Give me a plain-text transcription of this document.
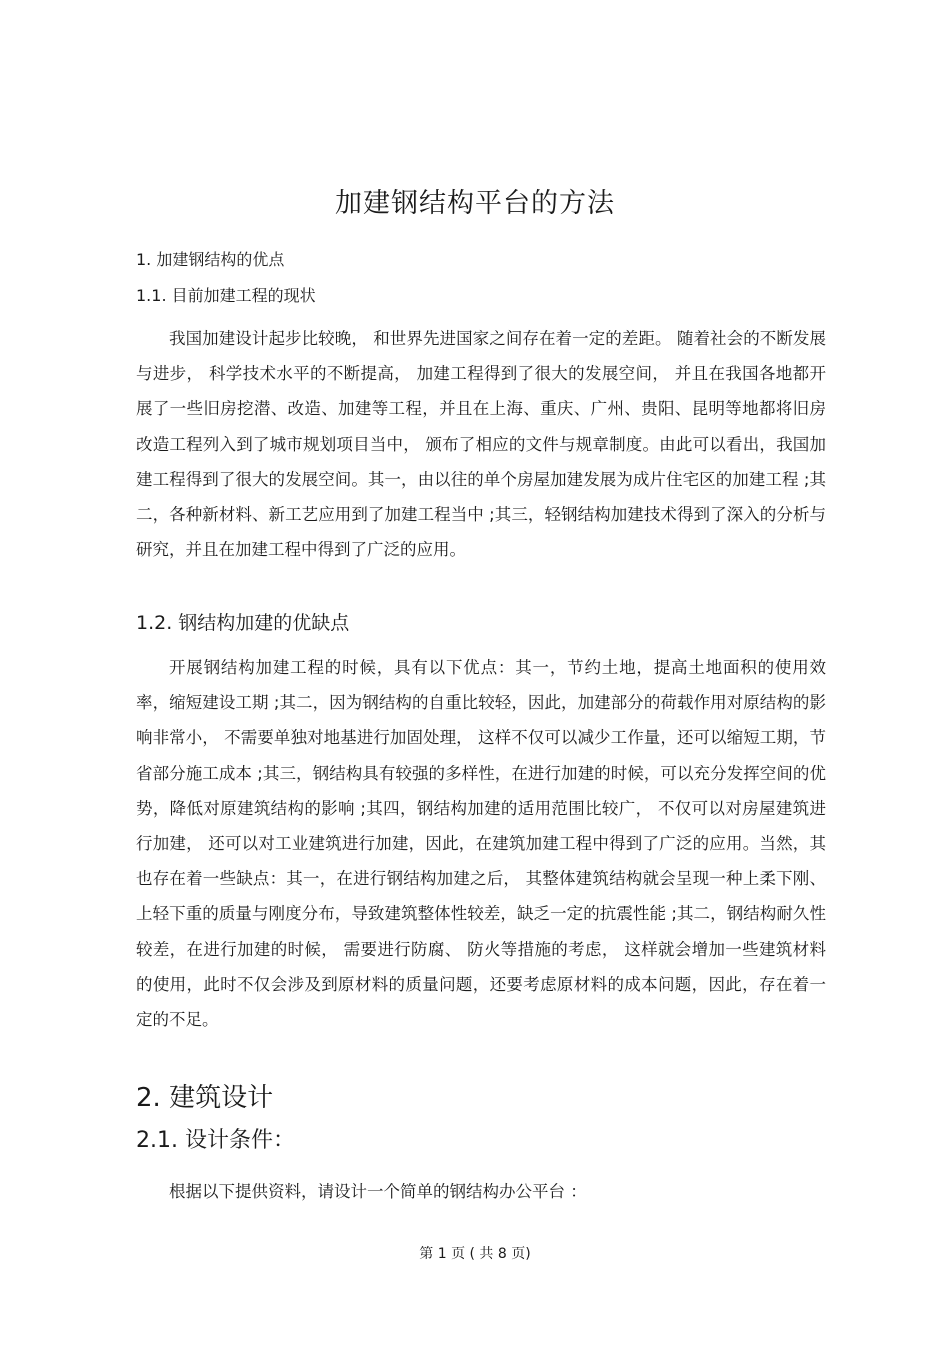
加建钢结构平台的方法
1. 加建钢结构的优点
1.1. 目前加建工程的现状

我国加建设计起步比较晚， 和世界先进国家之间存在着一定的差距。 随着社会的不断发展与进步， 科学技术水平的不断提高， 加建工程得到了很大的发展空间， 并且在我国各地都开展了一些旧房挖潜、改造、加建等工程，并且在上海、重庆、广州、贵阳、昆明等地都将旧房改造工程列入到了城市规划项目当中， 颁布了相应的文件与规章制度。由此可以看出，我国加建工程得到了很大的发展空间。其一，由以往的单个房屋加建发展为成片住宅区的加建工程 ;其二，各种新材料、新工艺应用到了加建工程当中 ;其三，轻钢结构加建技术得到了深入的分析与研究，并且在加建工程中得到了广泛的应用。

1.2. 钢结构加建的优缺点

开展钢结构加建工程的时候，具有以下优点：其一，节约土地，提高土地面积的使用效率，缩短建设工期 ;其二，因为钢结构的自重比较轻，因此，加建部分的荷载作用对原结构的影响非常小， 不需要单独对地基进行加固处理， 这样不仅可以减少工作量，还可以缩短工期，节省部分施工成本 ;其三，钢结构具有较强的多样性，在进行加建的时候，可以充分发挥空间的优势，降低对原建筑结构的影响 ;其四，钢结构加建的适用范围比较广， 不仅可以对房屋建筑进行加建， 还可以对工业建筑进行加建，因此，在建筑加建工程中得到了广泛的应用。当然，其也存在着一些缺点：其一，在进行钢结构加建之后， 其整体建筑结构就会呈现一种上柔下刚、 上轻下重的质量与刚度分布，导致建筑整体性较差，缺乏一定的抗震性能 ;其二，钢结构耐久性较差，在进行加建的时候， 需要进行防腐、 防火等措施的考虑， 这样就会增加一些建筑材料的使用，此时不仅会涉及到原材料的质量问题，还要考虑原材料的成本问题，因此，存在着一定的不足。

2. 建筑设计
2.1. 设计条件：
根据以下提供资料，请设计一个简单的钢结构办公平台 ：
第 1 页 ( 共 8 页)
